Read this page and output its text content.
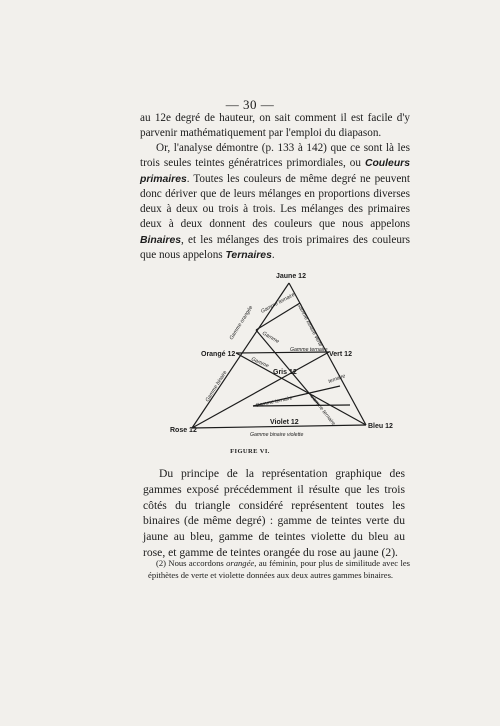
— 30 —

au 12e degré de hauteur, on sait comment il est facile d'y parvenir mathématiquement par l'emploi du diapason.

Or, l'analyse démontre (p. 133 à 142) que ce sont là les trois seules teintes génératrices primordiales, ou Couleurs primaires. Toutes les couleurs de même degré ne peuvent donc dériver que de leurs mélanges en proportions diverses deux à deux ou trois à trois. Les mélanges des primaires deux à deux donnent des couleurs que nous appelons Binaires, et les mélanges des trois primaires des couleurs que nous appelons Ternaires.

Jaune 12
Orangé 12	Vert 12
Gris 12
Violet 12
Rose 12
Bleu 12
Gamme ternaire Gamme binaire verte
Gamme orangée Gamme
Gamme ternaire
Gamme
Gamme binaire	Gamme ternaire
ternaire
Gamme ternaire
Gamme binaire violette
FIGURE VI.

Du principe de la représentation graphique des gammes exposé précédemment il résulte que les trois côtés du triangle considéré représentent toutes les binaires (de même degré) : gamme de teintes verte du jaune au bleu, gamme de teintes violette du bleu au rose, et gamme de teintes orangée du rose au jaune (2).

(2) Nous accordons orangée, au féminin, pour plus de similitude avec les épithètes de verte et violette données aux deux autres gammes binaires.
